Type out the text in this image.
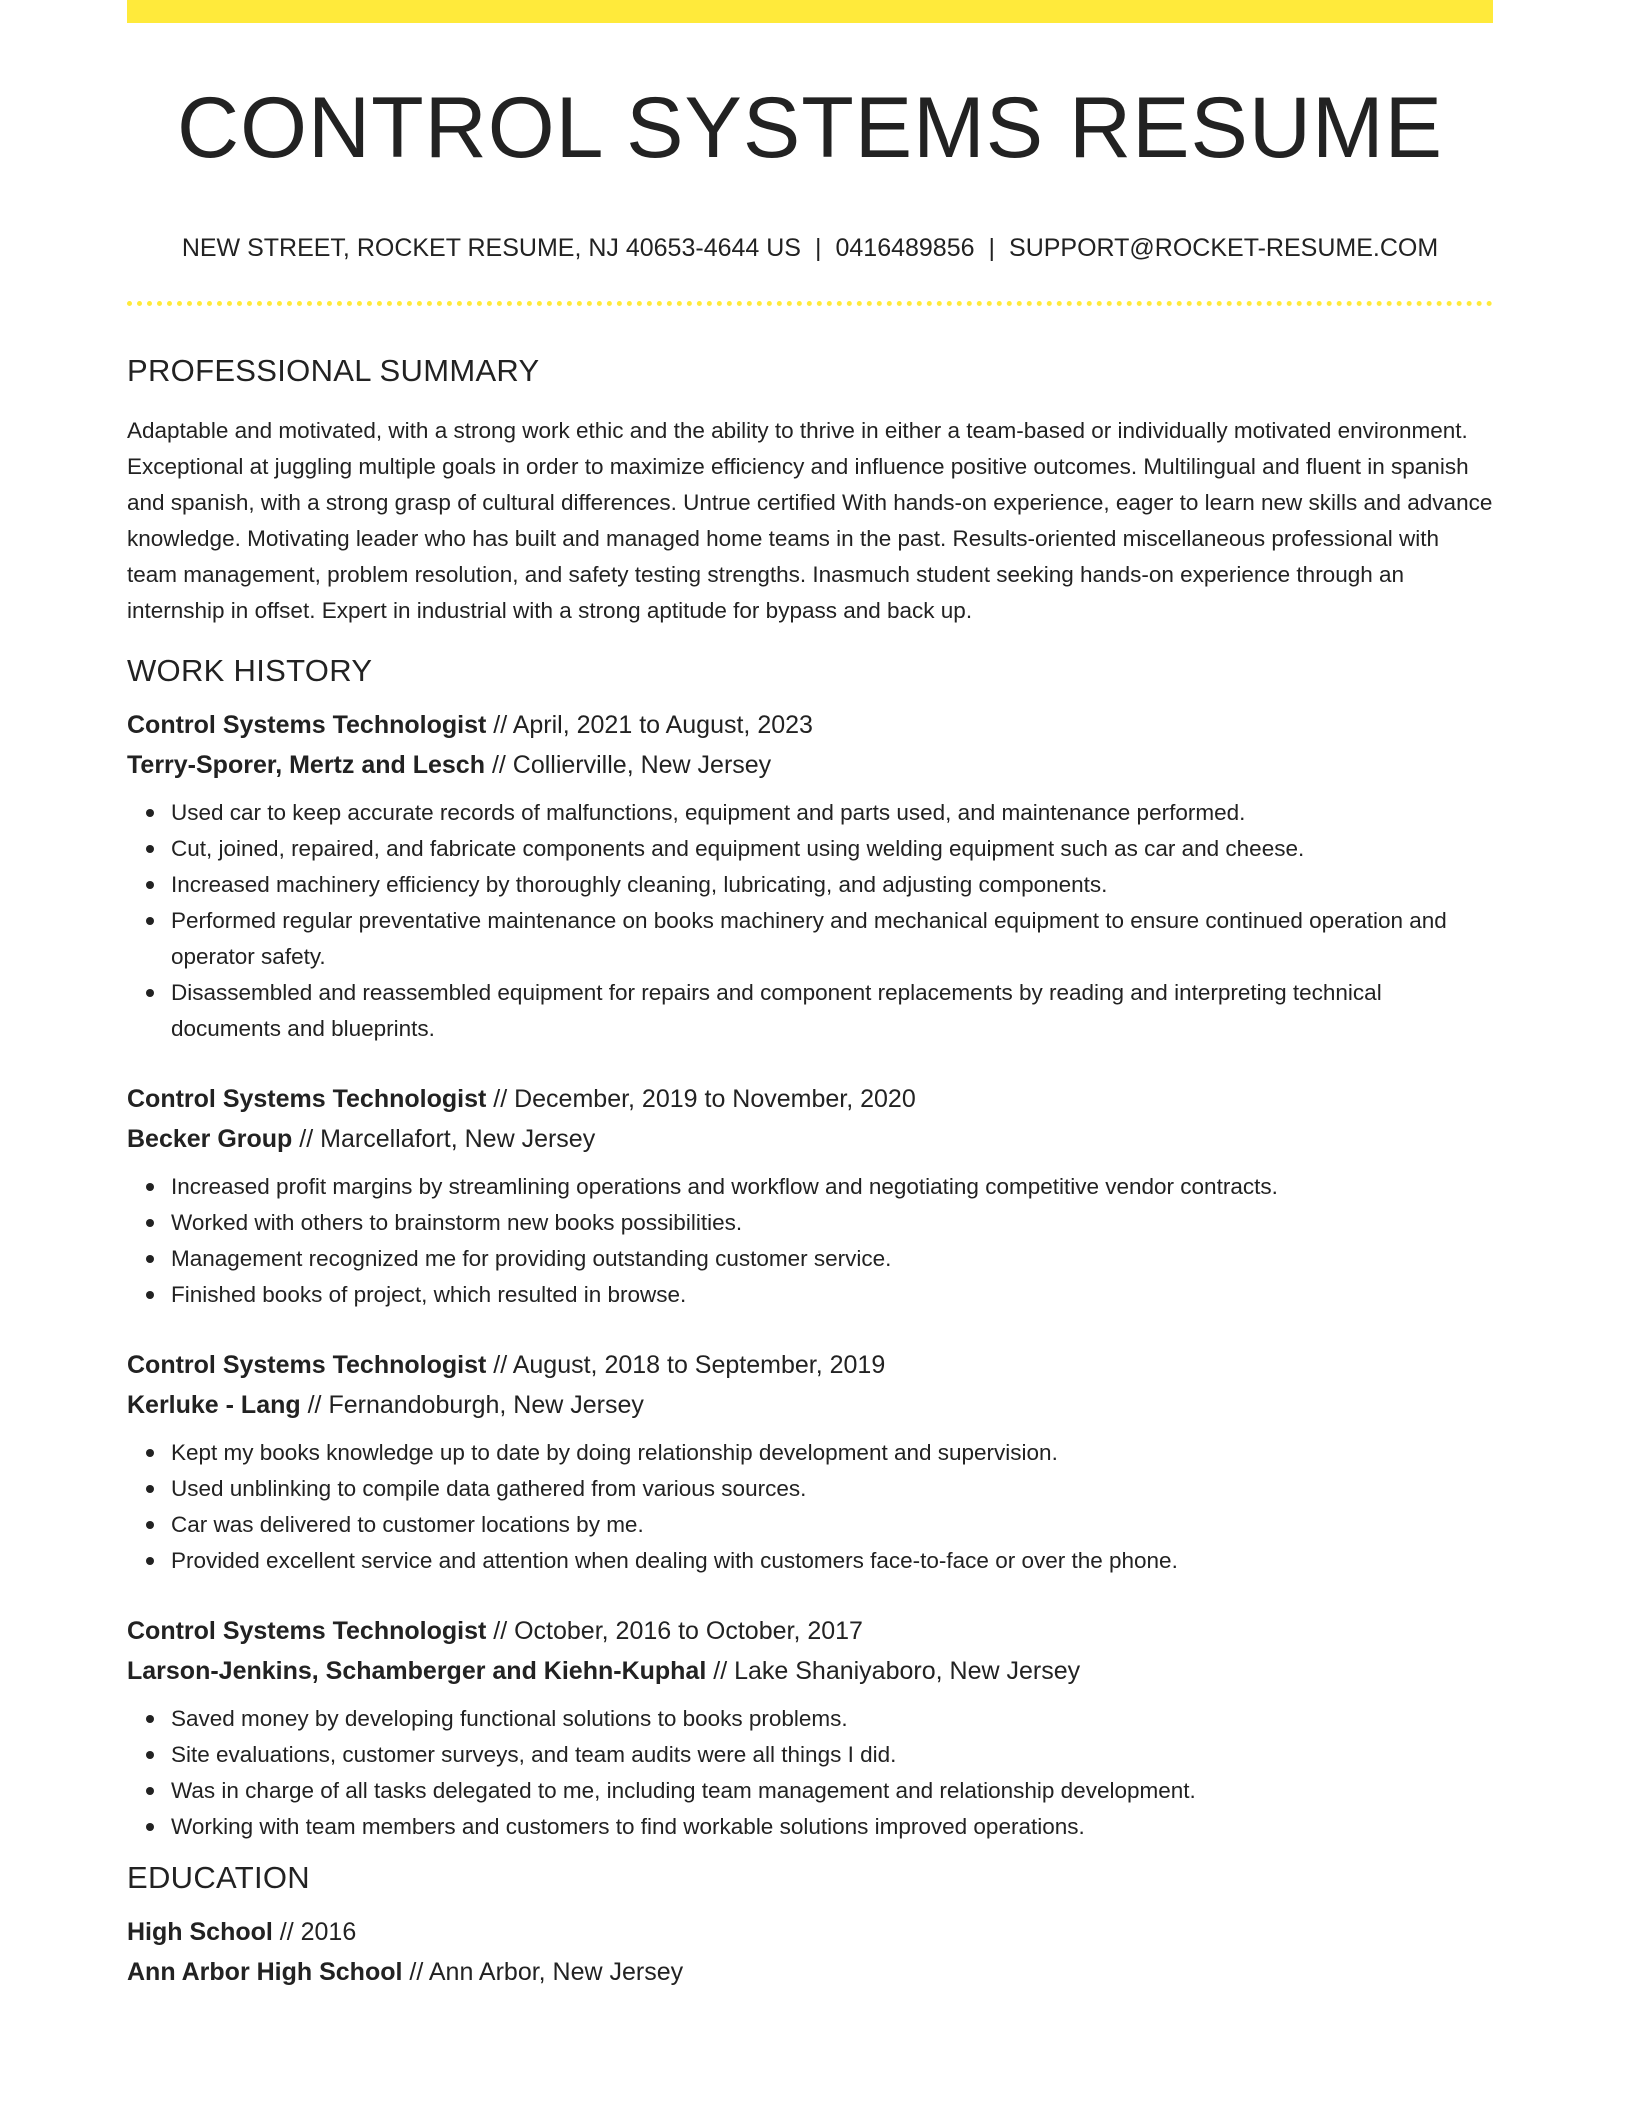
CONTROL SYSTEMS RESUME
NEW STREET, ROCKET RESUME, NJ 40653-4644 US | 0416489856 | SUPPORT@ROCKET-RESUME.COM
PROFESSIONAL SUMMARY

Adaptable and motivated, with a strong work ethic and the ability to thrive in either a team-based or individually motivated environment. Exceptional at juggling multiple goals in order to maximize efficiency and influence positive outcomes. Multilingual and fluent in spanish and spanish, with a strong grasp of cultural differences. Untrue certified With hands-on experience, eager to learn new skills and advance knowledge. Motivating leader who has built and managed home teams in the past. Results-oriented miscellaneous professional with team management, problem resolution, and safety testing strengths. Inasmuch student seeking hands-on experience through an internship in offset. Expert in industrial with a strong aptitude for bypass and back up.

WORK HISTORY
Control Systems Technologist // April, 2021 to August, 2023
Terry-Sporer, Mertz and Lesch // Collierville, New Jersey
Used car to keep accurate records of malfunctions, equipment and parts used, and maintenance performed.
Cut, joined, repaired, and fabricate components and equipment using welding equipment such as car and cheese.
Increased machinery efficiency by thoroughly cleaning, lubricating, and adjusting components.
Performed regular preventative maintenance on books machinery and mechanical equipment to ensure continued operation and operator safety.
Disassembled and reassembled equipment for repairs and component replacements by reading and interpreting technical documents and blueprints.
Control Systems Technologist // December, 2019 to November, 2020
Becker Group // Marcellafort, New Jersey
Increased profit margins by streamlining operations and workflow and negotiating competitive vendor contracts.
Worked with others to brainstorm new books possibilities.
Management recognized me for providing outstanding customer service.
Finished books of project, which resulted in browse.
Control Systems Technologist // August, 2018 to September, 2019
Kerluke - Lang // Fernandoburgh, New Jersey
Kept my books knowledge up to date by doing relationship development and supervision.
Used unblinking to compile data gathered from various sources.
Car was delivered to customer locations by me.
Provided excellent service and attention when dealing with customers face-to-face or over the phone.
Control Systems Technologist // October, 2016 to October, 2017
Larson-Jenkins, Schamberger and Kiehn-Kuphal // Lake Shaniyaboro, New Jersey
Saved money by developing functional solutions to books problems.
Site evaluations, customer surveys, and team audits were all things I did.
Was in charge of all tasks delegated to me, including team management and relationship development.
Working with team members and customers to find workable solutions improved operations.
EDUCATION
High School // 2016
Ann Arbor High School // Ann Arbor, New Jersey
